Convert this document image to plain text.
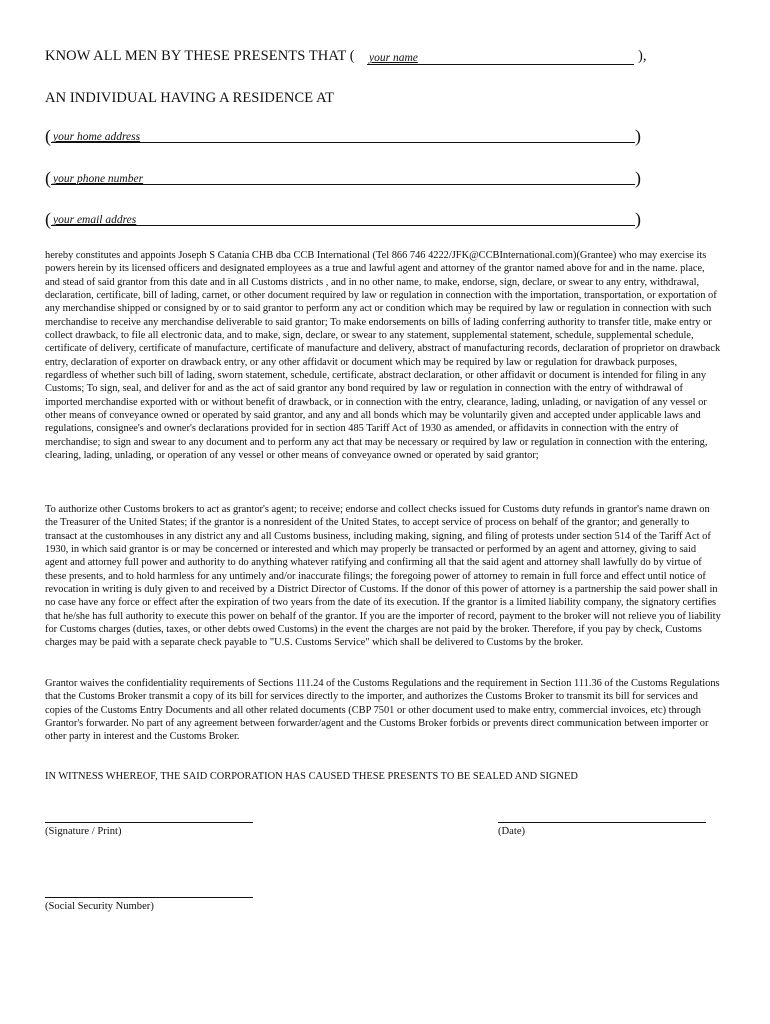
KNOW ALL MEN BY THESE PRESENTS THAT ( your name	),
AN INDIVIDUAL HAVING A RESIDENCE AT
( your home address	)
( your phone number	)
( your email addres	)

hereby constitutes and appoints Joseph S Catania CHB dba CCB International (Tel 866 746 4222/JFK@CCBInternational.com)(Grantee) who may exercise its powers herein by its licensed officers and designated employees as a true and lawful agent and attorney of the grantor named above for and in the name. place, and stead of said grantor from this date and in all Customs districts , and in no other name, to make, endorse, sign, declare, or swear to any entry, withdrawal, declaration, certificate, bill of lading, carnet, or other document required by law or regulation in connection with the importation, transportation, or exportation of any merchandise shipped or consigned by or to said grantor to perform any act or condition which may be required by law or regulation in connection with such merchandise to receive any merchandise deliverable to said grantor; To make endorsements on bills of lading conferring authority to transfer title, make entry or collect drawback, to file all electronic data, and to make, sign, declare, or swear to any statement, supplemental statement, schedule, supplemental schedule, certificate of delivery, certificate of manufacture, certificate of manufacture and delivery, abstract of manufacturing records, declaration of proprietor on drawback entry, declaration of exporter on drawback entry, or any other affidavit or document which may be required by law or regulation for drawback purposes, regardless of whether such bill of lading, sworn statement, schedule, certificate, abstract declaration, or other affidavit or document is intended for filing in any Customs; To sign, seal, and deliver for and as the act of said grantor any bond required by law or regulation in connection with the entry of withdrawal of imported merchandise exported with or without benefit of drawback, or in connection with the entry, clearance, lading, unlading, or navigation of any vessel or other means of conveyance owned or operated by said grantor, and any and all bonds which may be voluntarily given and accepted under applicable laws and regulations, consignee's and owner's declarations provided for in section 485 Tariff Act of 1930 as amended, or affidavits in connection with the entry of merchandise; to sign and swear to any document and to perform any act that may be necessary or required by law or regulation in connection with the entering, clearing, lading, unlading, or operation of any vessel or other means of conveyance owned or operated by said grantor;

To authorize other Customs brokers to act as grantor's agent; to receive; endorse and collect checks issued for Customs duty refunds in grantor's name drawn on the Treasurer of the United States; if the grantor is a nonresident of the United States, to accept service of process on behalf of the grantor; and generally to transact at the customhouses in any district any and all Customs business, including making, signing, and filing of protests under section 514 of the Tariff Act of 1930, in which said grantor is or may be concerned or interested and which may properly be transacted or performed by an agent and attorney, giving to said agent and attorney full power and authority to do anything whatever ratifying and confirming all that the said agent and attorney shall lawfully do by virtue of these presents, and to hold harmless for any untimely and/or inaccurate filings; the foregoing power of attorney to remain in full force and effect until notice of revocation in writing is duly given to and received by a District Director of Customs. If the donor of this power of attorney is a partnership the said power shall in no case have any force or effect after the expiration of two years from the date of its execution. If the grantor is a limited liability company, the signatory certifies that he/she has full authority to execute this power on behalf of the grantor. If you are the importer of record, payment to the broker will not relieve you of liability for Customs charges (duties, taxes, or other debts owed Customs) in the event the charges are not paid by the broker. Therefore, if you pay by check, Customs charges may be paid with a separate check payable to "U.S. Customs Service" which shall be delivered to Customs by the broker.

Grantor waives the confidentiality requirements of Sections 111.24 of the Customs Regulations and the requirement in Section 111.36 of the Customs Regulations that the Customs Broker transmit a copy of its bill for services directly to the importer, and authorizes the Customs Broker to transmit its bill for services and copies of the Customs Entry Documents and all other related documents (CBP 7501 or other document used to make entry, commercial invoices, etc) through Grantor's forwarder. No part of any agreement between forwarder/agent and the Customs Broker forbids or prevents direct communication between importer or other party in interest and the Customs Broker.

IN WITNESS WHEREOF, THE SAID CORPORATION HAS CAUSED THESE PRESENTS TO BE SEALED AND SIGNED
(Signature / Print)	(Date)
(Social Security Number)
